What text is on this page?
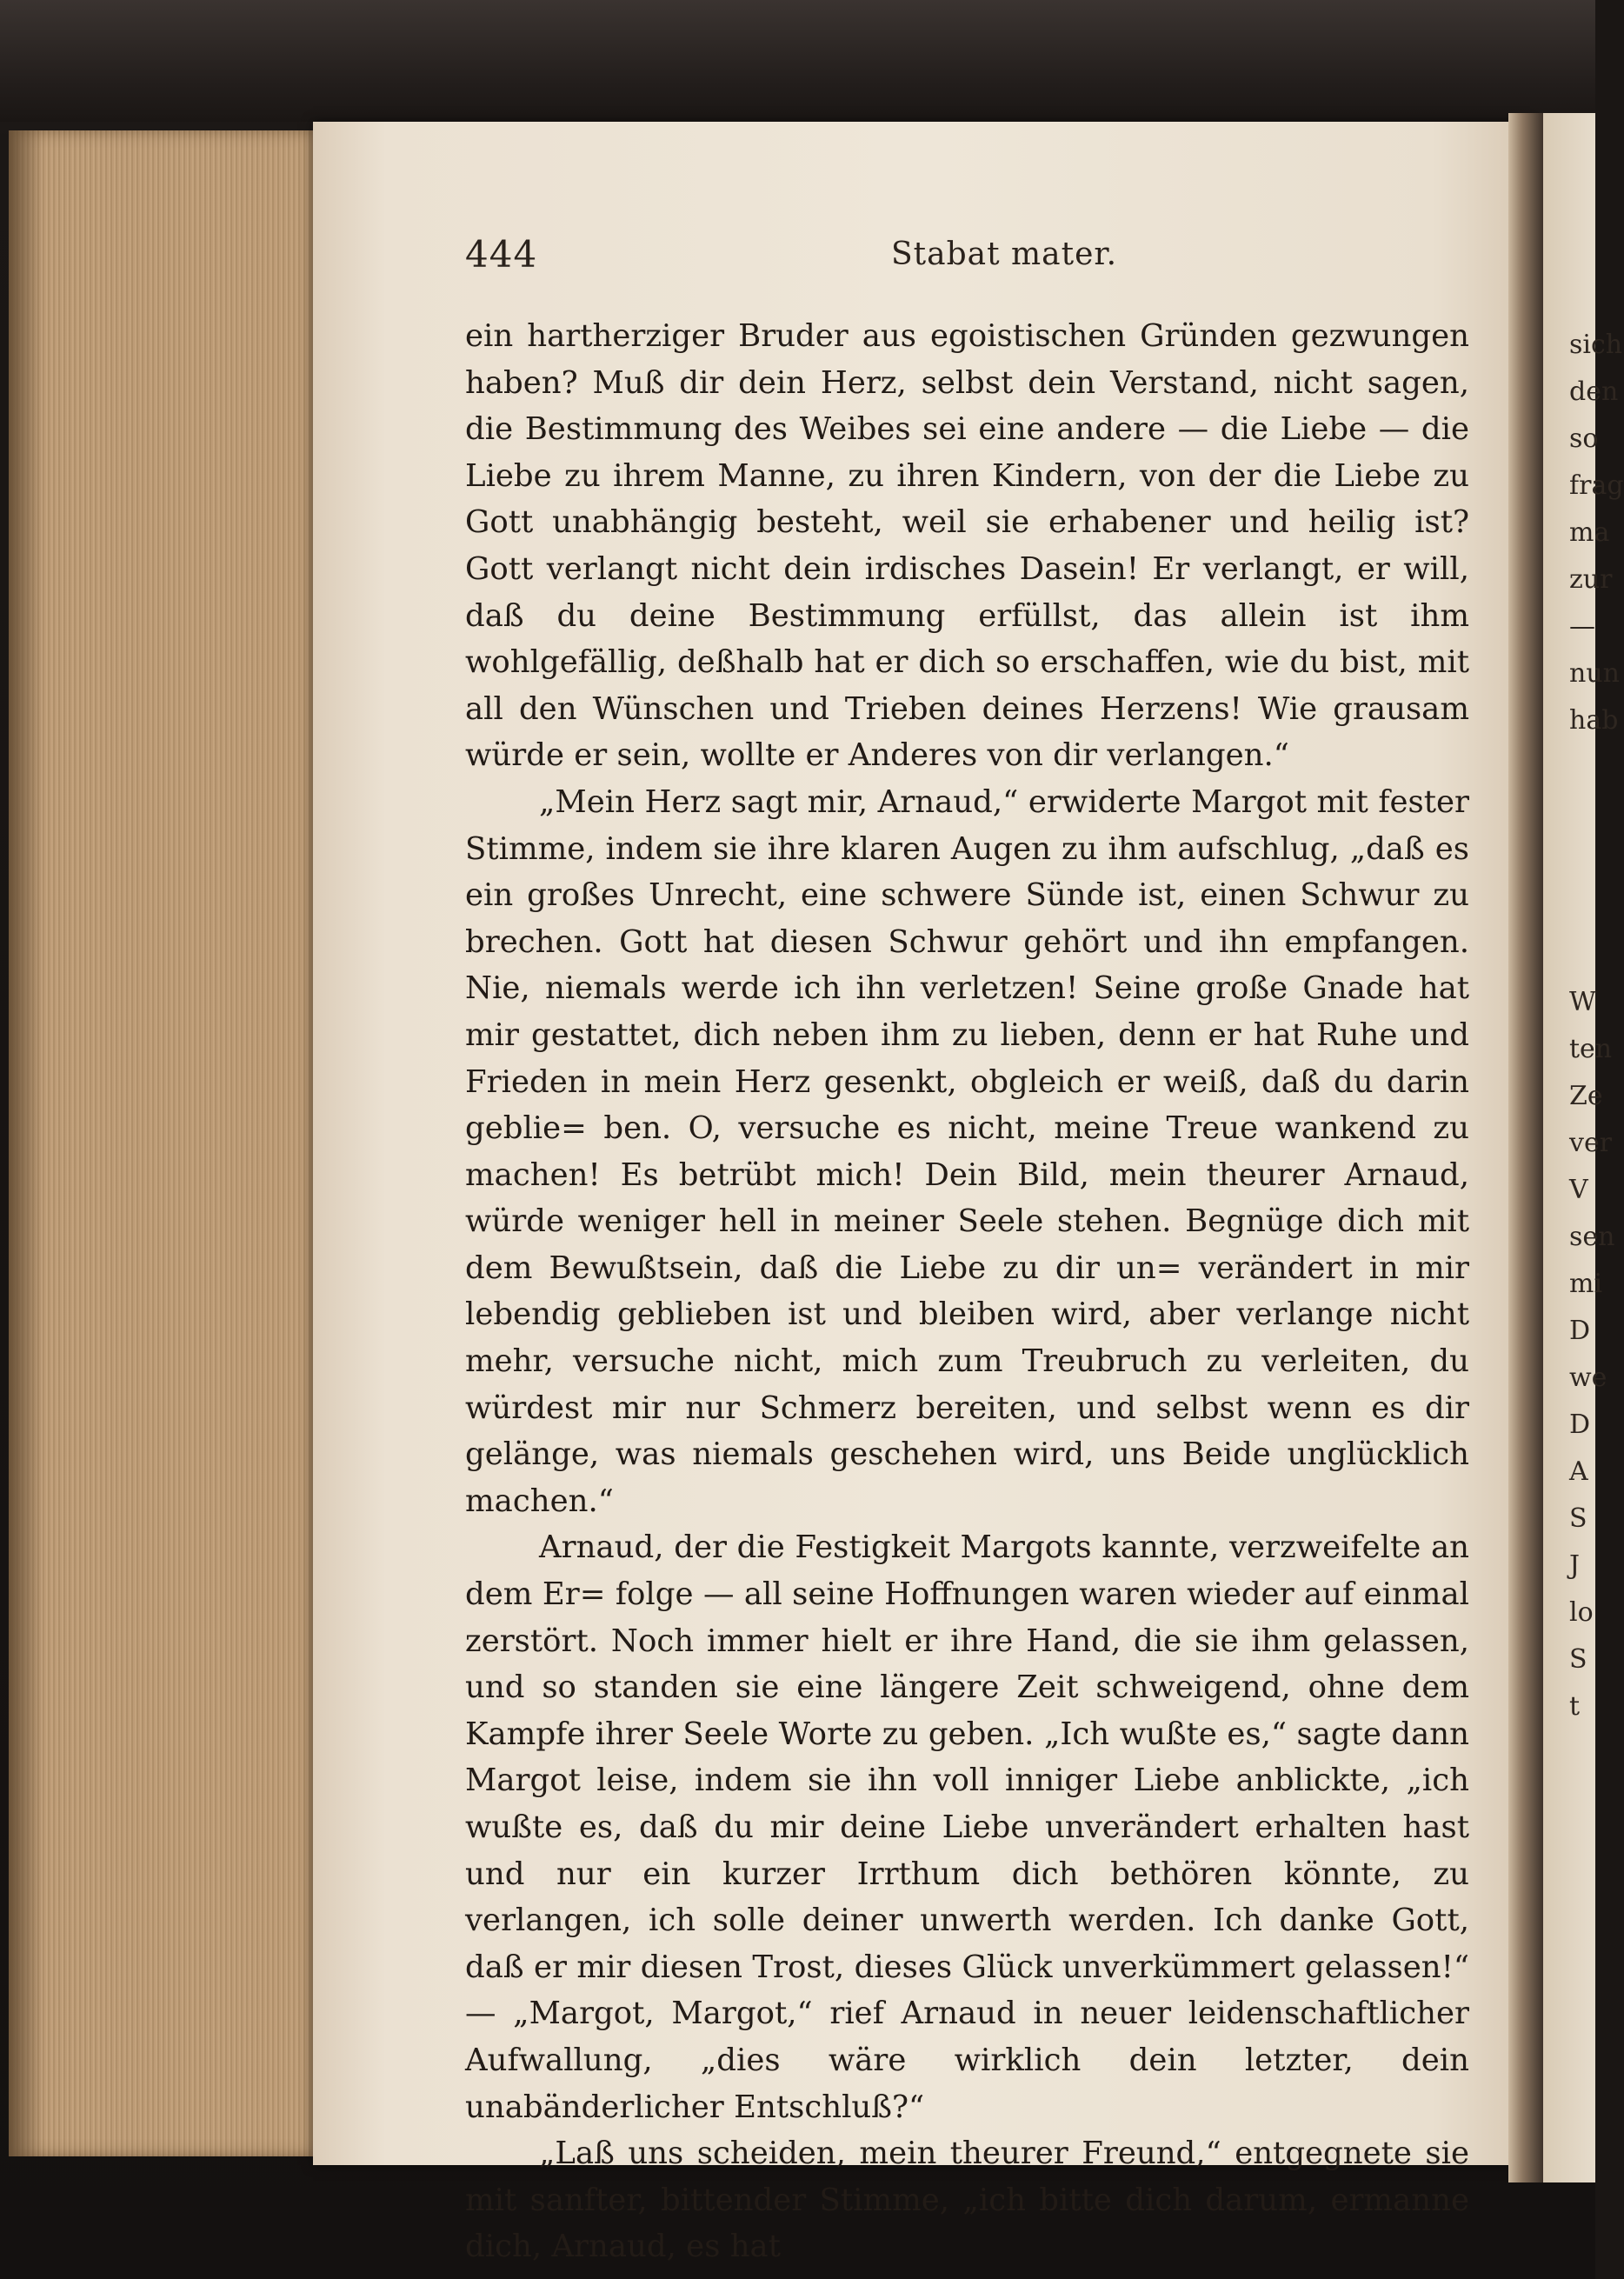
sich
den
so
frag
ma
zur
—
nun
hab

W
ten
Ze
ver
V
sen
mi
D
we
D
A
S
J
lo
S
t
444	Stabat mater.

ein hartherziger Bruder aus egoistischen Gründen gezwungen haben? Muß dir dein Herz, selbst dein Verstand, nicht sagen, die Bestimmung des Weibes sei eine andere — die Liebe — die Liebe zu ihrem Manne, zu ihren Kindern, von der die Liebe zu Gott unabhängig besteht, weil sie erhabener und heilig ist? Gott verlangt nicht dein irdisches Dasein! Er verlangt, er will, daß du deine Bestimmung erfüllst, das allein ist ihm wohlgefällig, deßhalb hat er dich so erschaffen, wie du bist, mit all den Wünschen und Trieben deines Herzens! Wie grausam würde er sein, wollte er Anderes von dir verlangen.“

„Mein Herz sagt mir, Arnaud,“ erwiderte Margot mit fester Stimme, indem sie ihre klaren Augen zu ihm aufschlug, „daß es ein großes Unrecht, eine schwere Sünde ist, einen Schwur zu brechen. Gott hat diesen Schwur gehört und ihn empfangen. Nie, niemals werde ich ihn verletzen! Seine große Gnade hat mir gestattet, dich neben ihm zu lieben, denn er hat Ruhe und Frieden in mein Herz gesenkt, obgleich er weiß, daß du darin geblie= ben. O, versuche es nicht, meine Treue wankend zu machen! Es betrübt mich! Dein Bild, mein theurer Arnaud, würde weniger hell in meiner Seele stehen. Begnüge dich mit dem Bewußtsein, daß die Liebe zu dir un= verändert in mir lebendig geblieben ist und bleiben wird, aber verlange nicht mehr, versuche nicht, mich zum Treubruch zu verleiten, du würdest mir nur Schmerz bereiten, und selbst wenn es dir gelänge, was niemals geschehen wird, uns Beide unglücklich machen.“

Arnaud, der die Festigkeit Margots kannte, verzweifelte an dem Er= folge — all seine Hoffnungen waren wieder auf einmal zerstört. Noch immer hielt er ihre Hand, die sie ihm gelassen, und so standen sie eine längere Zeit schweigend, ohne dem Kampfe ihrer Seele Worte zu geben. „Ich wußte es,“ sagte dann Margot leise, indem sie ihn voll inniger Liebe anblickte, „ich wußte es, daß du mir deine Liebe unverändert erhalten hast und nur ein kurzer Irrthum dich bethören könnte, zu verlangen, ich solle deiner unwerth werden. Ich danke Gott, daß er mir diesen Trost, dieses Glück unverkümmert gelassen!“ — „Margot, Margot,“ rief Arnaud in neuer leidenschaftlicher Aufwallung, „dies wäre wirklich dein letzter, dein unabänderlicher Entschluß?“

„Laß uns scheiden, mein theurer Freund,“ entgegnete sie mit sanfter, bittender Stimme, „ich bitte dich darum, ermanne dich, Arnaud, es hat
